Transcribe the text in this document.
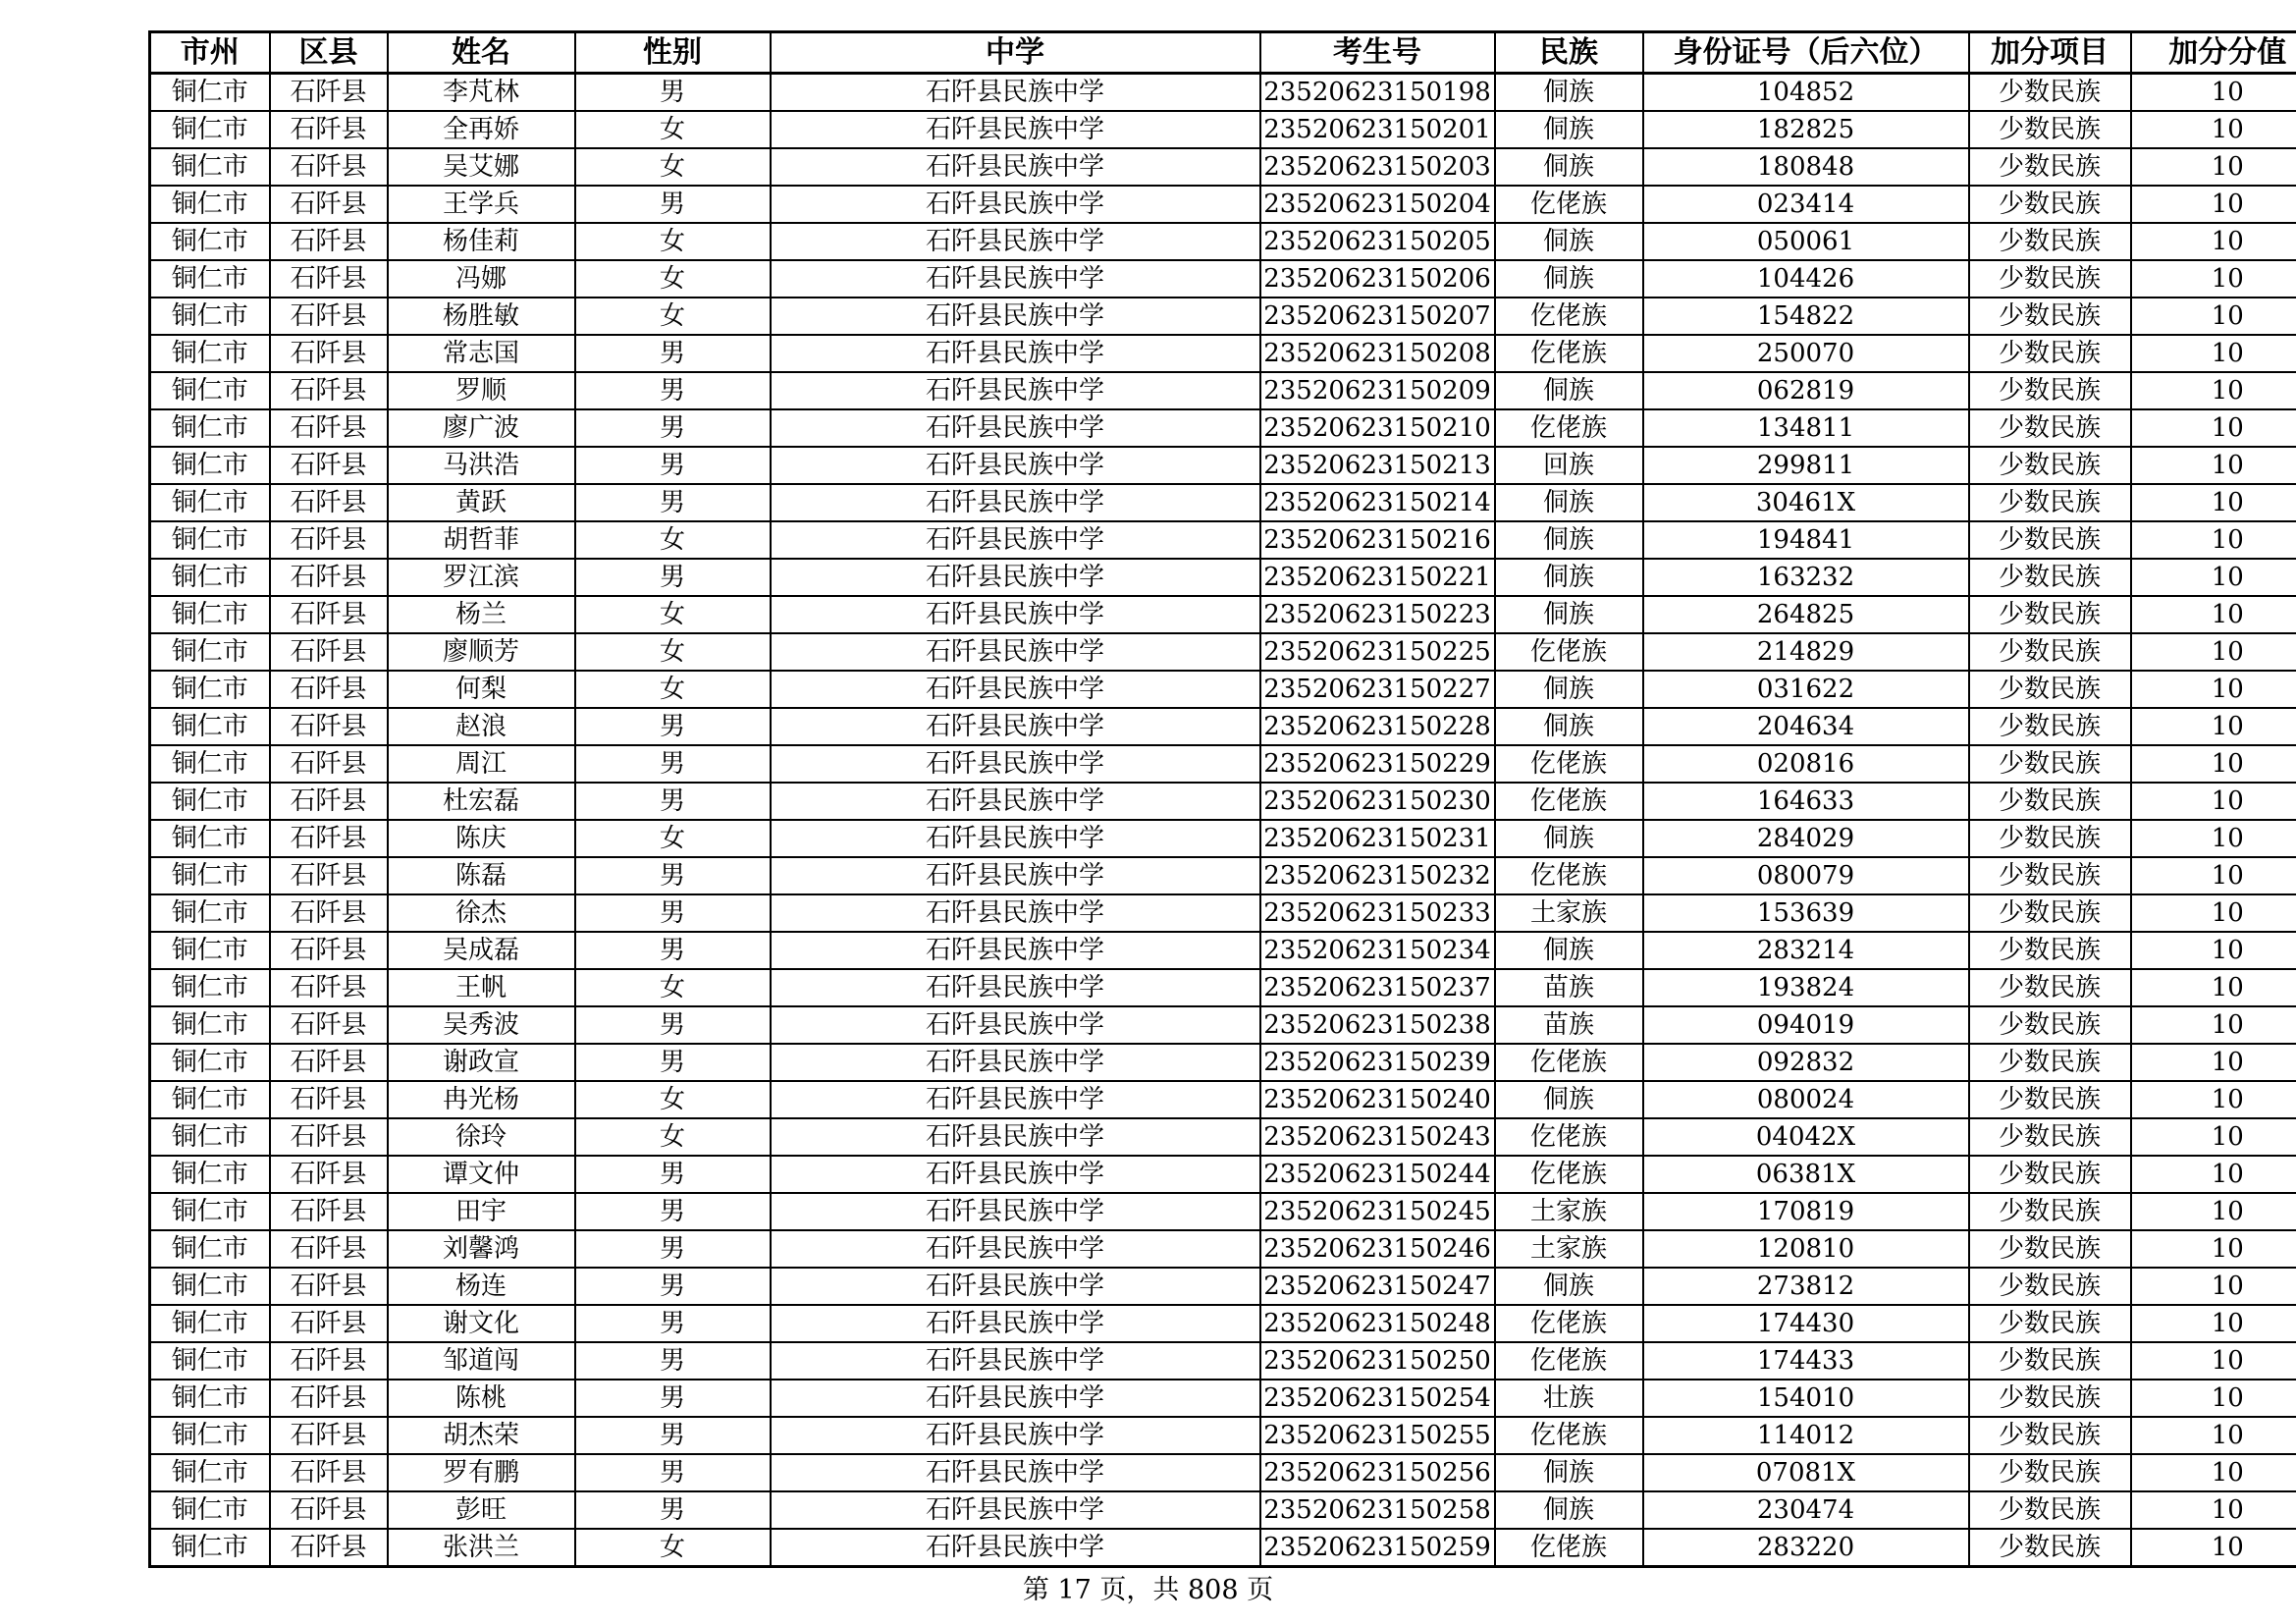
市州	区县	姓名	性别	中学	考生号	民族	身份证号（后六位）	加分项目	加分分值
铜仁市	石阡县	李芃林	男	石阡县民族中学	23520623150198	侗族	104852	少数民族	10
铜仁市	石阡县	全再娇	女	石阡县民族中学	23520623150201	侗族	182825	少数民族	10
铜仁市	石阡县	吴艾娜	女	石阡县民族中学	23520623150203	侗族	180848	少数民族	10
铜仁市	石阡县	王学兵	男	石阡县民族中学	23520623150204	仡佬族	023414	少数民族	10
铜仁市	石阡县	杨佳莉	女	石阡县民族中学	23520623150205	侗族	050061	少数民族	10
铜仁市	石阡县	冯娜	女	石阡县民族中学	23520623150206	侗族	104426	少数民族	10
铜仁市	石阡县	杨胜敏	女	石阡县民族中学	23520623150207	仡佬族	154822	少数民族	10
铜仁市	石阡县	常志国	男	石阡县民族中学	23520623150208	仡佬族	250070	少数民族	10
铜仁市	石阡县	罗顺	男	石阡县民族中学	23520623150209	侗族	062819	少数民族	10
铜仁市	石阡县	廖广波	男	石阡县民族中学	23520623150210	仡佬族	134811	少数民族	10
铜仁市	石阡县	马洪浩	男	石阡县民族中学	23520623150213	回族	299811	少数民族	10
铜仁市	石阡县	黄跃	男	石阡县民族中学	23520623150214	侗族	30461X	少数民族	10
铜仁市	石阡县	胡哲菲	女	石阡县民族中学	23520623150216	侗族	194841	少数民族	10
铜仁市	石阡县	罗江滨	男	石阡县民族中学	23520623150221	侗族	163232	少数民族	10
铜仁市	石阡县	杨兰	女	石阡县民族中学	23520623150223	侗族	264825	少数民族	10
铜仁市	石阡县	廖顺芳	女	石阡县民族中学	23520623150225	仡佬族	214829	少数民族	10
铜仁市	石阡县	何梨	女	石阡县民族中学	23520623150227	侗族	031622	少数民族	10
铜仁市	石阡县	赵浪	男	石阡县民族中学	23520623150228	侗族	204634	少数民族	10
铜仁市	石阡县	周江	男	石阡县民族中学	23520623150229	仡佬族	020816	少数民族	10
铜仁市	石阡县	杜宏磊	男	石阡县民族中学	23520623150230	仡佬族	164633	少数民族	10
铜仁市	石阡县	陈庆	女	石阡县民族中学	23520623150231	侗族	284029	少数民族	10
铜仁市	石阡县	陈磊	男	石阡县民族中学	23520623150232	仡佬族	080079	少数民族	10
铜仁市	石阡县	徐杰	男	石阡县民族中学	23520623150233	土家族	153639	少数民族	10
铜仁市	石阡县	吴成磊	男	石阡县民族中学	23520623150234	侗族	283214	少数民族	10
铜仁市	石阡县	王帆	女	石阡县民族中学	23520623150237	苗族	193824	少数民族	10
铜仁市	石阡县	吴秀波	男	石阡县民族中学	23520623150238	苗族	094019	少数民族	10
铜仁市	石阡县	谢政宣	男	石阡县民族中学	23520623150239	仡佬族	092832	少数民族	10
铜仁市	石阡县	冉光杨	女	石阡县民族中学	23520623150240	侗族	080024	少数民族	10
铜仁市	石阡县	徐玲	女	石阡县民族中学	23520623150243	仡佬族	04042X	少数民族	10
铜仁市	石阡县	谭文仲	男	石阡县民族中学	23520623150244	仡佬族	06381X	少数民族	10
铜仁市	石阡县	田宇	男	石阡县民族中学	23520623150245	土家族	170819	少数民族	10
铜仁市	石阡县	刘馨鸿	男	石阡县民族中学	23520623150246	土家族	120810	少数民族	10
铜仁市	石阡县	杨连	男	石阡县民族中学	23520623150247	侗族	273812	少数民族	10
铜仁市	石阡县	谢文化	男	石阡县民族中学	23520623150248	仡佬族	174430	少数民族	10
铜仁市	石阡县	邹道闯	男	石阡县民族中学	23520623150250	仡佬族	174433	少数民族	10
铜仁市	石阡县	陈桃	男	石阡县民族中学	23520623150254	壮族	154010	少数民族	10
铜仁市	石阡县	胡杰荣	男	石阡县民族中学	23520623150255	仡佬族	114012	少数民族	10
铜仁市	石阡县	罗有鹏	男	石阡县民族中学	23520623150256	侗族	07081X	少数民族	10
铜仁市	石阡县	彭旺	男	石阡县民族中学	23520623150258	侗族	230474	少数民族	10
铜仁市	石阡县	张洪兰	女	石阡县民族中学	23520623150259	仡佬族	283220	少数民族	10
第 17 页，共 808 页
